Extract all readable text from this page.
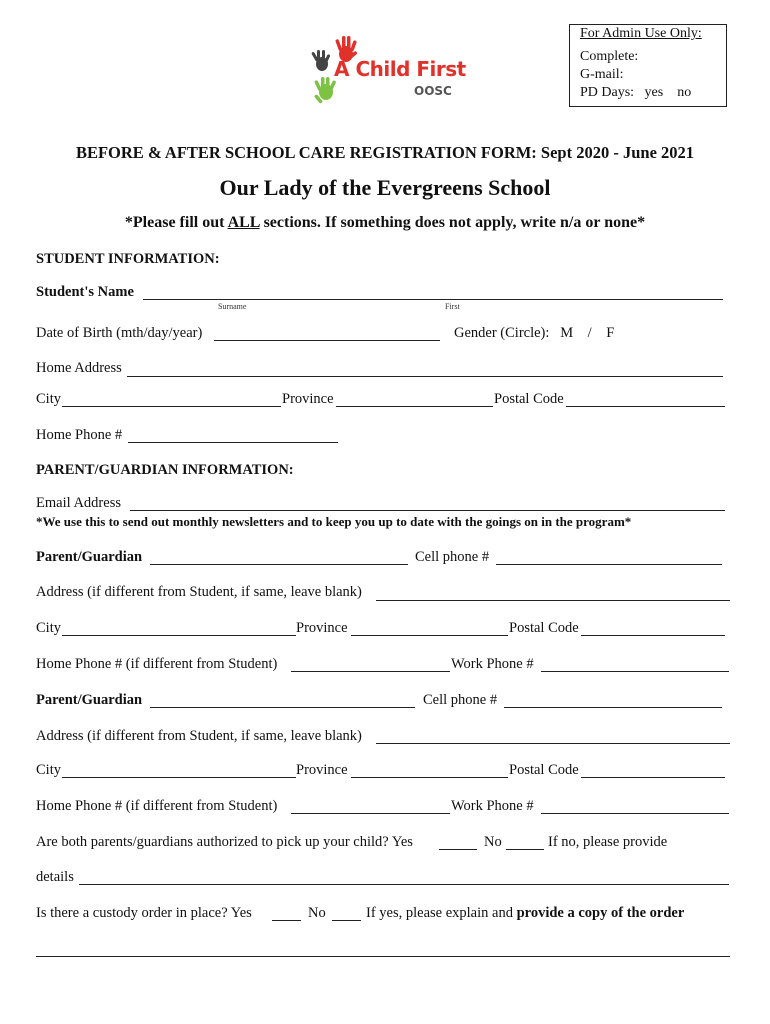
For Admin Use Only:
Complete:
G-mail:
PD Days:   yes    no
A Child First
OOSC
BEFORE & AFTER SCHOOL CARE REGISTRATION FORM: Sept 2020 - June 2021
Our Lady of the Evergreens School
*Please fill out ALL sections. If something does not apply, write n/a or none*
STUDENT INFORMATION:
Student's Name
Surname	First
Date of Birth (mth/day/year)	Gender (Circle):   M    /    F
Home Address
City	Province	Postal Code
Home Phone #
PARENT/GUARDIAN INFORMATION:
Email Address
*We use this to send out monthly newsletters and to keep you up to date with the goings on in the program*
Parent/Guardian	Cell phone #
Address (if different from Student, if same, leave blank)
City	Province	Postal Code
Home Phone # (if different from Student)	Work Phone #
Parent/Guardian	Cell phone #
Address (if different from Student, if same, leave blank)
City	Province	Postal Code
Home Phone # (if different from Student)	Work Phone #
Are both parents/guardians authorized to pick up your child? Yes	No	If no, please provide
details
Is there a custody order in place? Yes	No	If yes, please explain and provide a copy of the order
